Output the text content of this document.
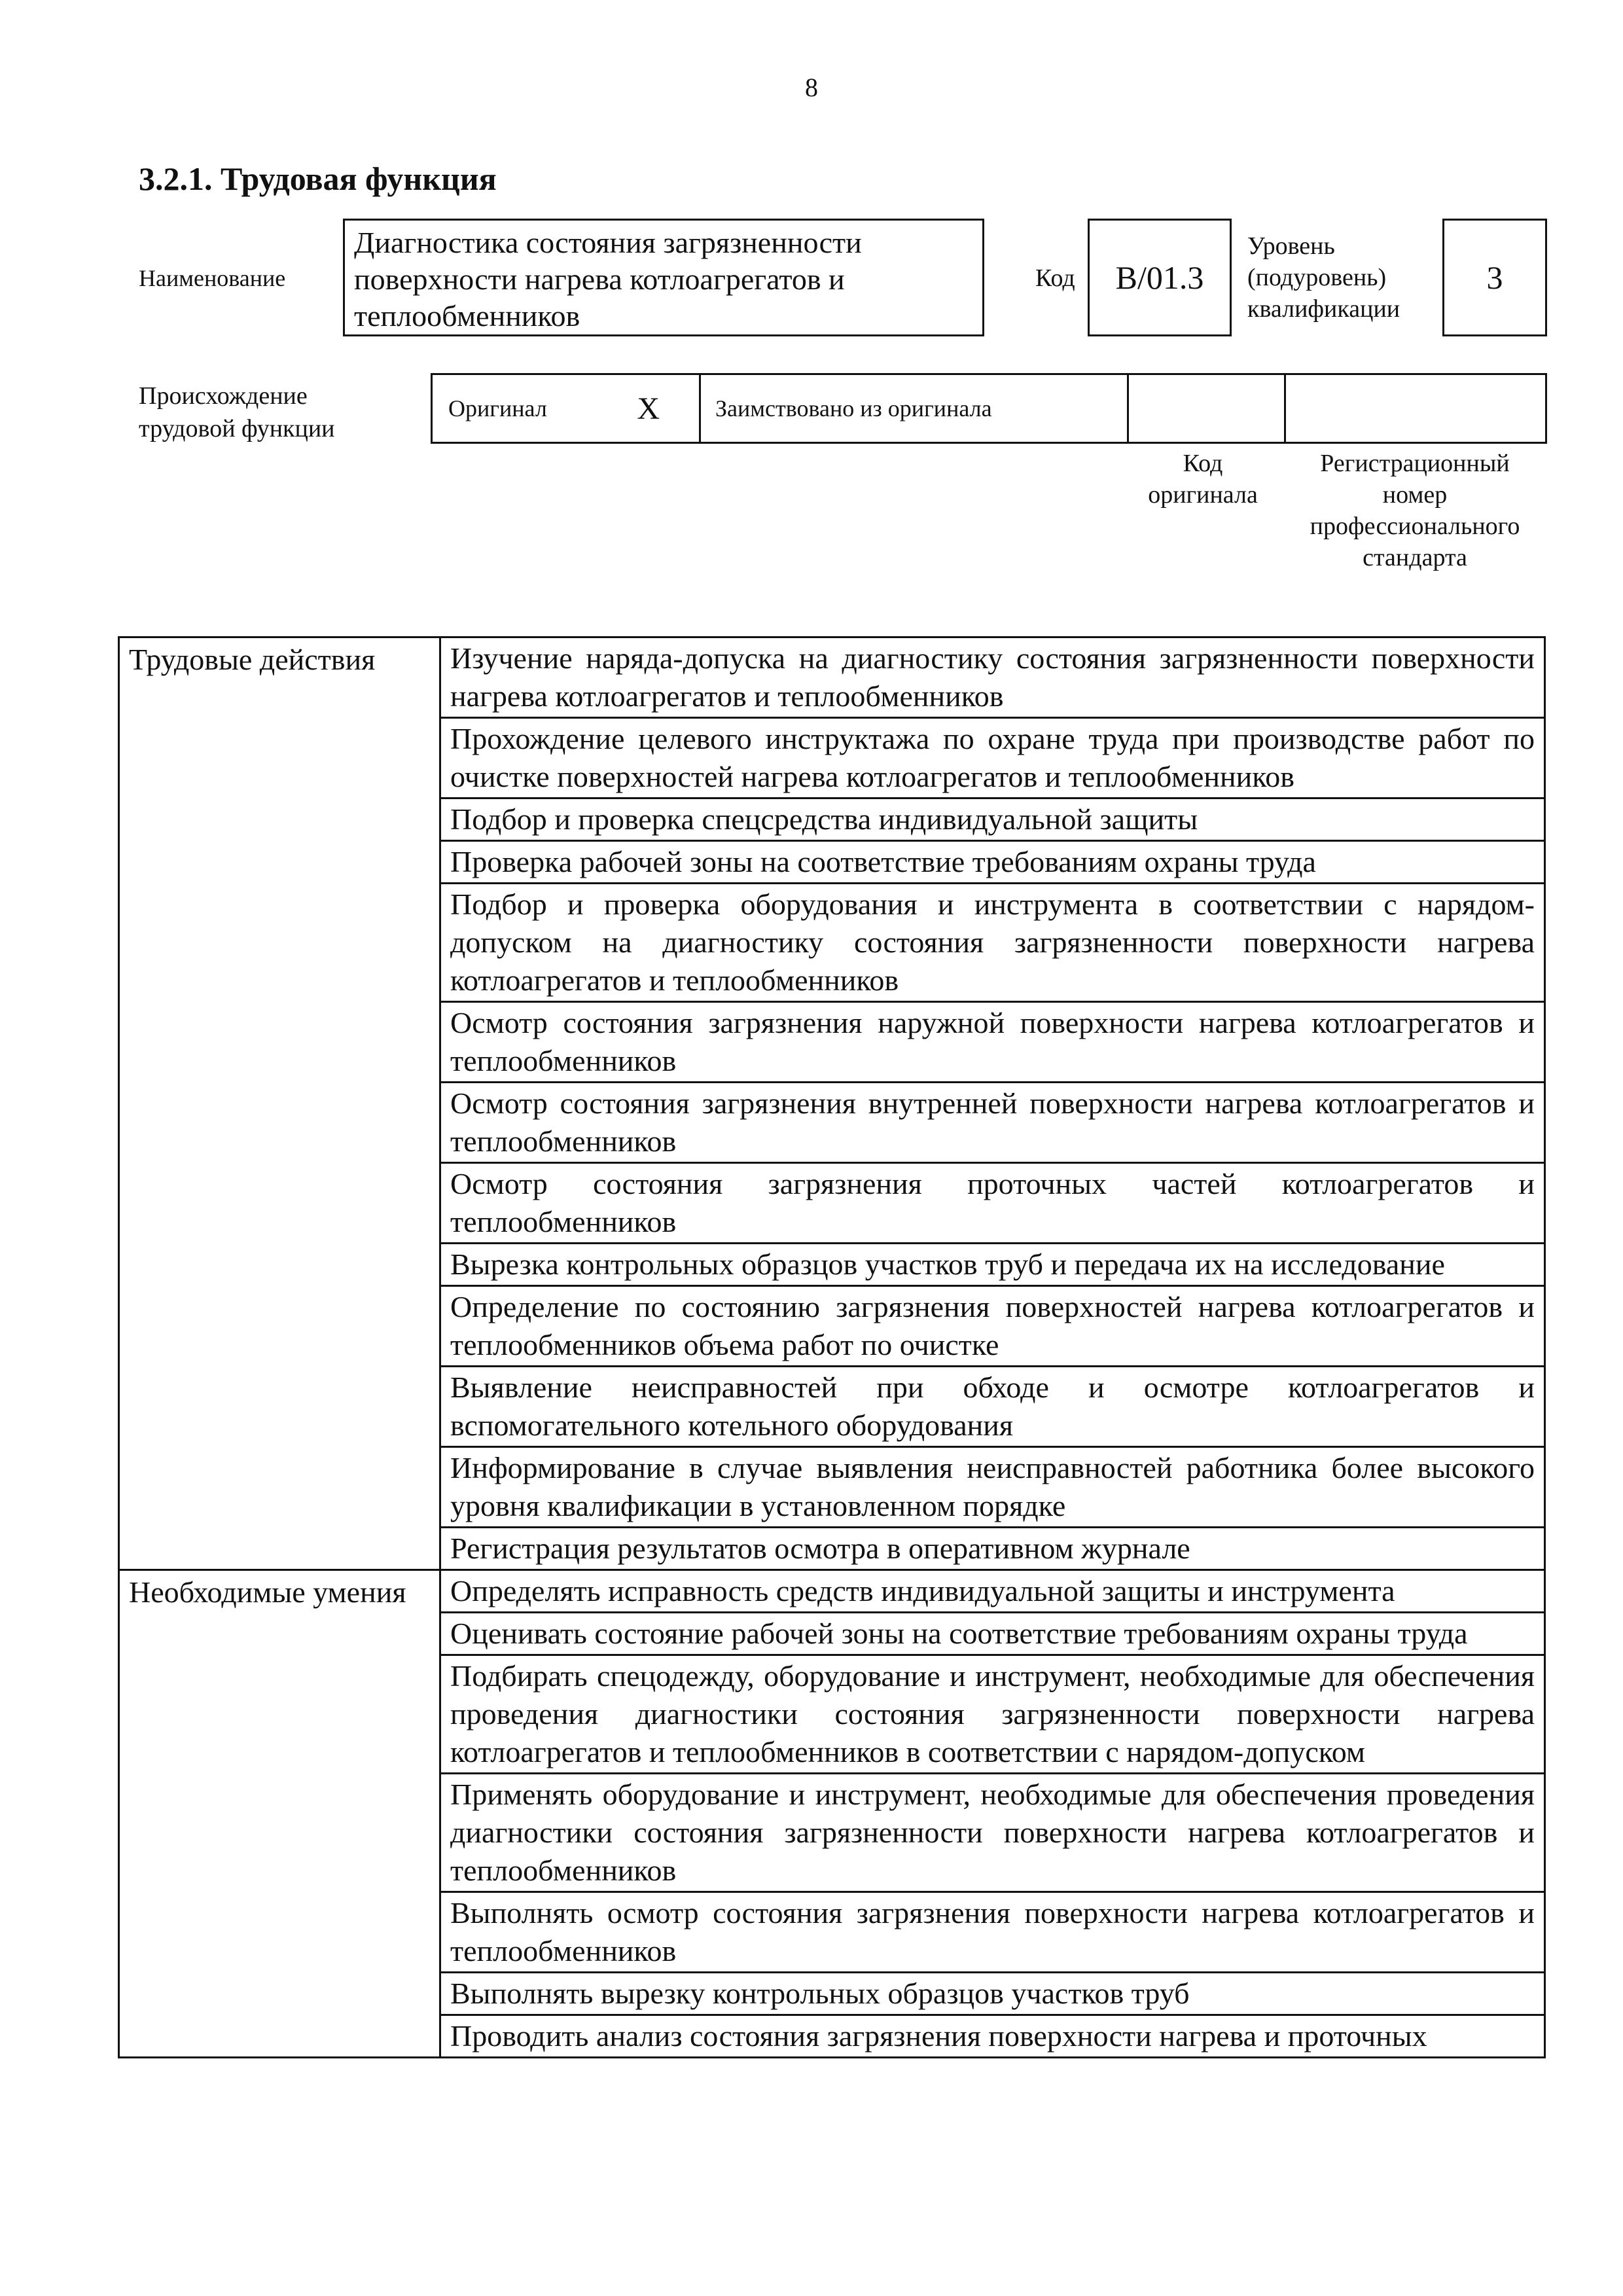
8
3.2.1. Трудовая функция
Наименование
Диагностика состояния загрязненности поверхности нагрева котлоагрегатов и теплообменников
Код B/01.3
Уровень
(подуровень)
квалификации
3
Происхождение
трудовой функции
Оригинал	X Заимствовано из оригинала
Код
оригинала
Регистрационный
номер
профессионального
стандарта
Трудовые действия	Изучение наряда-допуска на диагностику состояния загрязненности поверхности нагрева котлоагрегатов и теплообменников
	Прохождение целевого инструктажа по охране труда при производстве работ по очистке поверхностей нагрева котлоагрегатов и теплообменников
	Подбор и проверка спецсредства индивидуальной защиты
	Проверка рабочей зоны на соответствие требованиям охраны труда
	Подбор и проверка оборудования и инструмента в соответствии с нарядом-допуском на диагностику состояния загрязненности поверхности нагрева котлоагрегатов и теплообменников
	Осмотр состояния загрязнения наружной поверхности нагрева котлоагрегатов и теплообменников
	Осмотр состояния загрязнения внутренней поверхности нагрева котлоагрегатов и теплообменников
	Осмотр состояния загрязнения проточных частей котлоагрегатов и теплообменников
	Вырезка контрольных образцов участков труб и передача их на исследование
	Определение по состоянию загрязнения поверхностей нагрева котлоагрегатов и теплообменников объема работ по очистке
	Выявление неисправностей при обходе и осмотре котлоагрегатов и вспомогательного котельного оборудования
	Информирование в случае выявления неисправностей работника более высокого уровня квалификации в установленном порядке
	Регистрация результатов осмотра в оперативном журнале
Необходимые умения	Определять исправность средств индивидуальной защиты и инструмента
	Оценивать состояние рабочей зоны на соответствие требованиям охраны труда
	Подбирать спецодежду, оборудование и инструмент, необходимые для обеспечения проведения диагностики состояния загрязненности поверхности нагрева котлоагрегатов и теплообменников в соответствии с нарядом-допуском
	Применять оборудование и инструмент, необходимые для обеспечения проведения диагностики состояния загрязненности поверхности нагрева котлоагрегатов и теплообменников
	Выполнять осмотр состояния загрязнения поверхности нагрева котлоагрегатов и теплообменников
	Выполнять вырезку контрольных образцов участков труб
	Проводить анализ состояния загрязнения поверхности нагрева и проточных
